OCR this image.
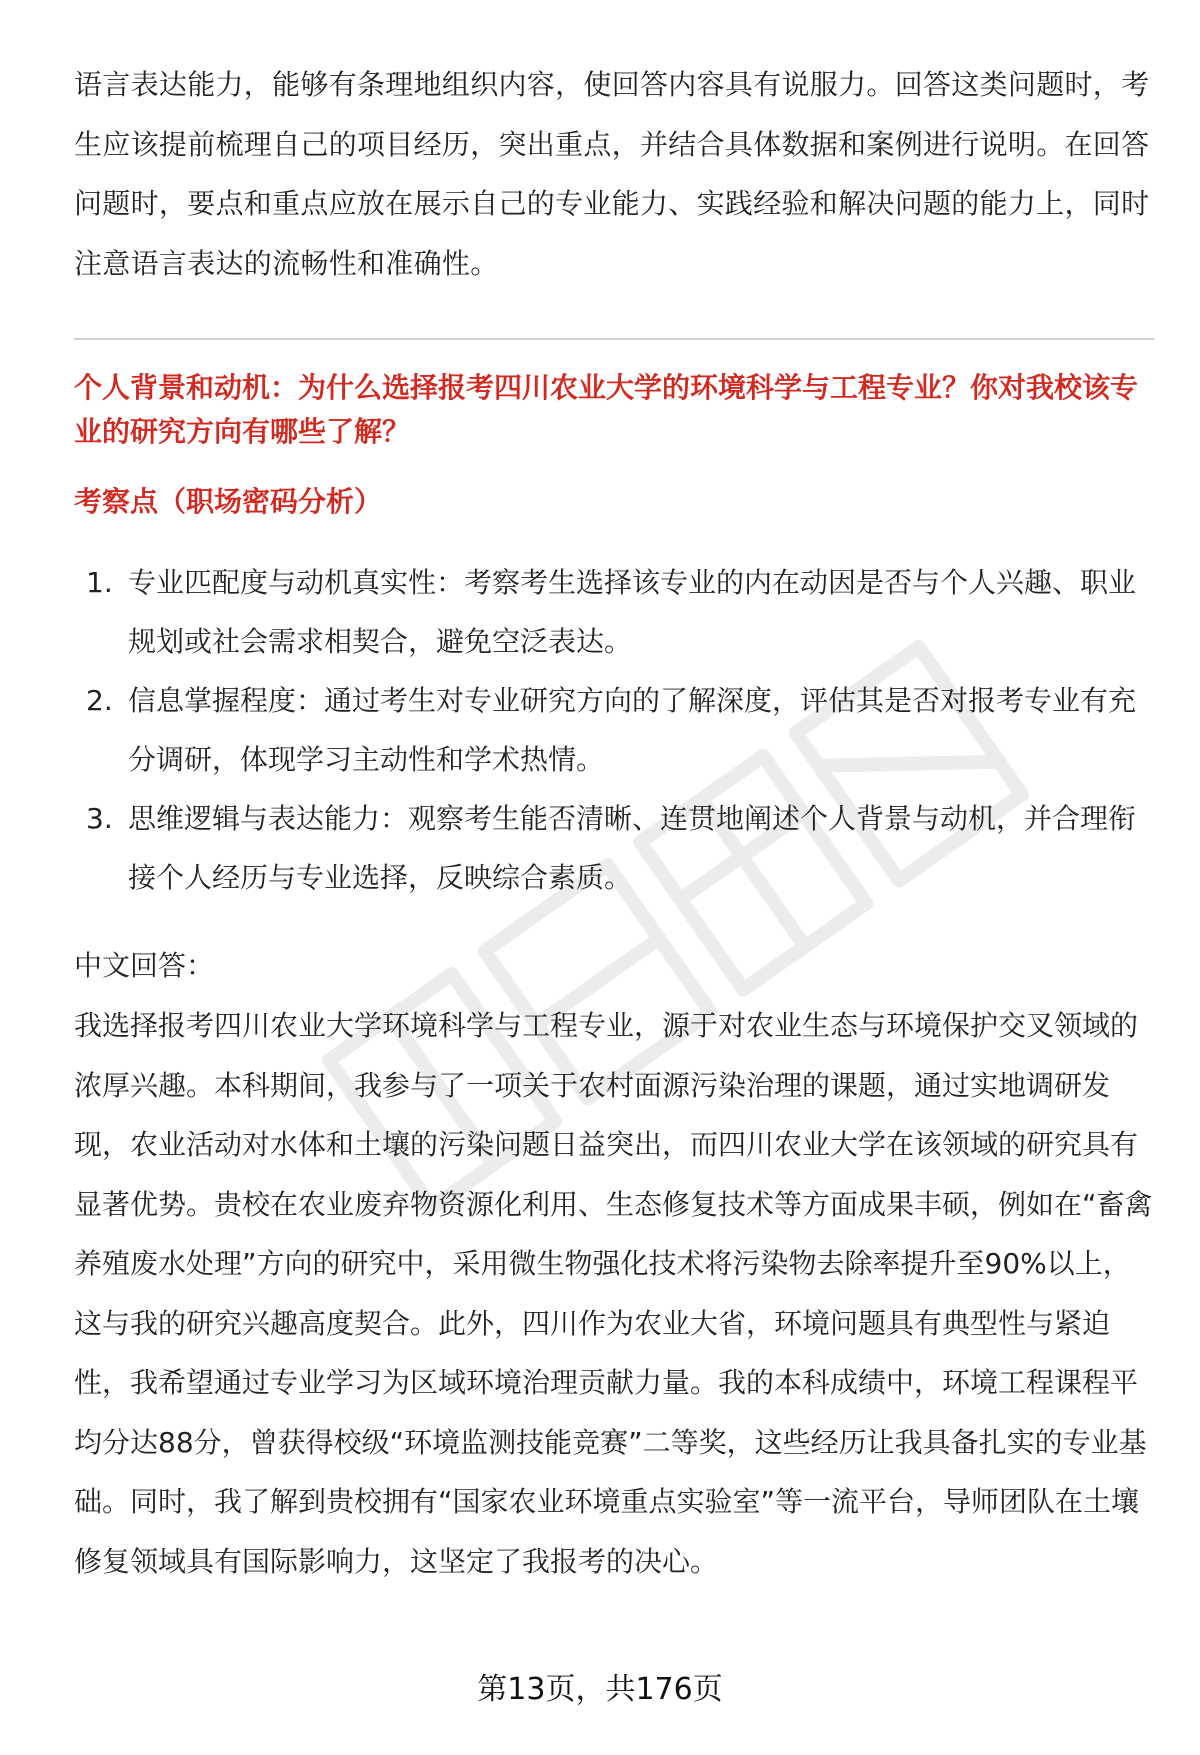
语言表达能力，能够有条理地组织内容，使回答内容具有说服力。回答这类问题时，考生应该提前梳理自己的项目经历，突出重点，并结合具体数据和案例进行说明。在回答问题时，要点和重点应放在展示自己的专业能力、实践经验和解决问题的能力上，同时注意语言表达的流畅性和准确性。

个人背景和动机：为什么选择报考四川农业大学的环境科学与工程专业？你对我校该专业的研究方向有哪些了解？

考察点（职场密码分析）

1. 专业匹配度与动机真实性：考察考生选择该专业的内在动因是否与个人兴趣、职业规划或社会需求相契合，避免空泛表达。
2. 信息掌握程度：通过考生对专业研究方向的了解深度，评估其是否对报考专业有充分调研，体现学习主动性和学术热情。
3. 思维逻辑与表达能力：观察考生能否清晰、连贯地阐述个人背景与动机，并合理衔接个人经历与专业选择，反映综合素质。

中文回答：

我选择报考四川农业大学环境科学与工程专业，源于对农业生态与环境保护交叉领域的浓厚兴趣。本科期间，我参与了一项关于农村面源污染治理的课题，通过实地调研发现，农业活动对水体和土壤的污染问题日益突出，而四川农业大学在该领域的研究具有显著优势。贵校在农业废弃物资源化利用、生态修复技术等方面成果丰硕，例如在“畜禽养殖废水处理”方向的研究中，采用微生物强化技术将污染物去除率提升至90%以上，这与我的研究兴趣高度契合。此外，四川作为农业大省，环境问题具有典型性与紧迫性，我希望通过专业学习为区域环境治理贡献力量。我的本科成绩中，环境工程课程平均分达88分，曾获得校级“环境监测技能竞赛”二等奖，这些经历让我具备扎实的专业基础。同时，我了解到贵校拥有“国家农业环境重点实验室”等一流平台，导师团队在土壤修复领域具有国际影响力，这坚定了我报考的决心。

第13页，共176页
